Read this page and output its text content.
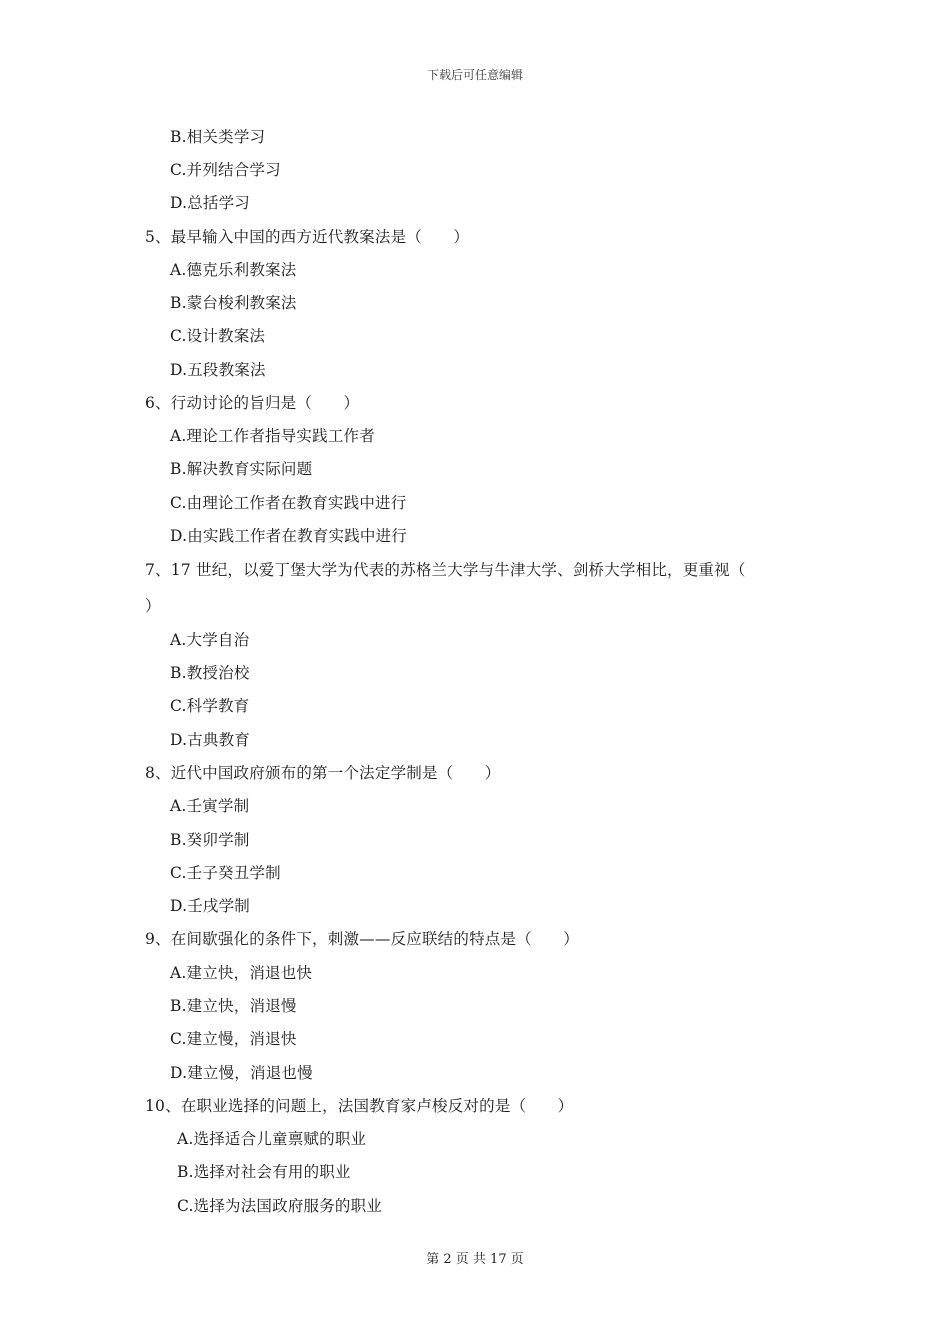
下载后可任意编辑
B.相关类学习
C.并列结合学习
D.总括学习
5、最早输入中国的西方近代教案法是（　　）
A.德克乐利教案法
B.蒙台梭利教案法
C.设计教案法
D.五段教案法
6、行动讨论的旨归是（　　）
A.理论工作者指导实践工作者
B.解决教育实际问题
C.由理论工作者在教育实践中进行
D.由实践工作者在教育实践中进行
7、17 世纪，以爱丁堡大学为代表的苏格兰大学与牛津大学、剑桥大学相比，更重视（
）
A.大学自治
B.教授治校
C.科学教育
D.古典教育
8、近代中国政府颁布的第一个法定学制是（　　）
A.壬寅学制
B.癸卯学制
C.壬子癸丑学制
D.壬戌学制
9、在间歇强化的条件下，刺激——反应联结的特点是（　　）
A.建立快，消退也快
B.建立快，消退慢
C.建立慢，消退快
D.建立慢，消退也慢
10、在职业选择的问题上，法国教育家卢梭反对的是（　　）
A.选择适合儿童禀赋的职业
B.选择对社会有用的职业
C.选择为法国政府服务的职业
第 2 页 共 17 页
